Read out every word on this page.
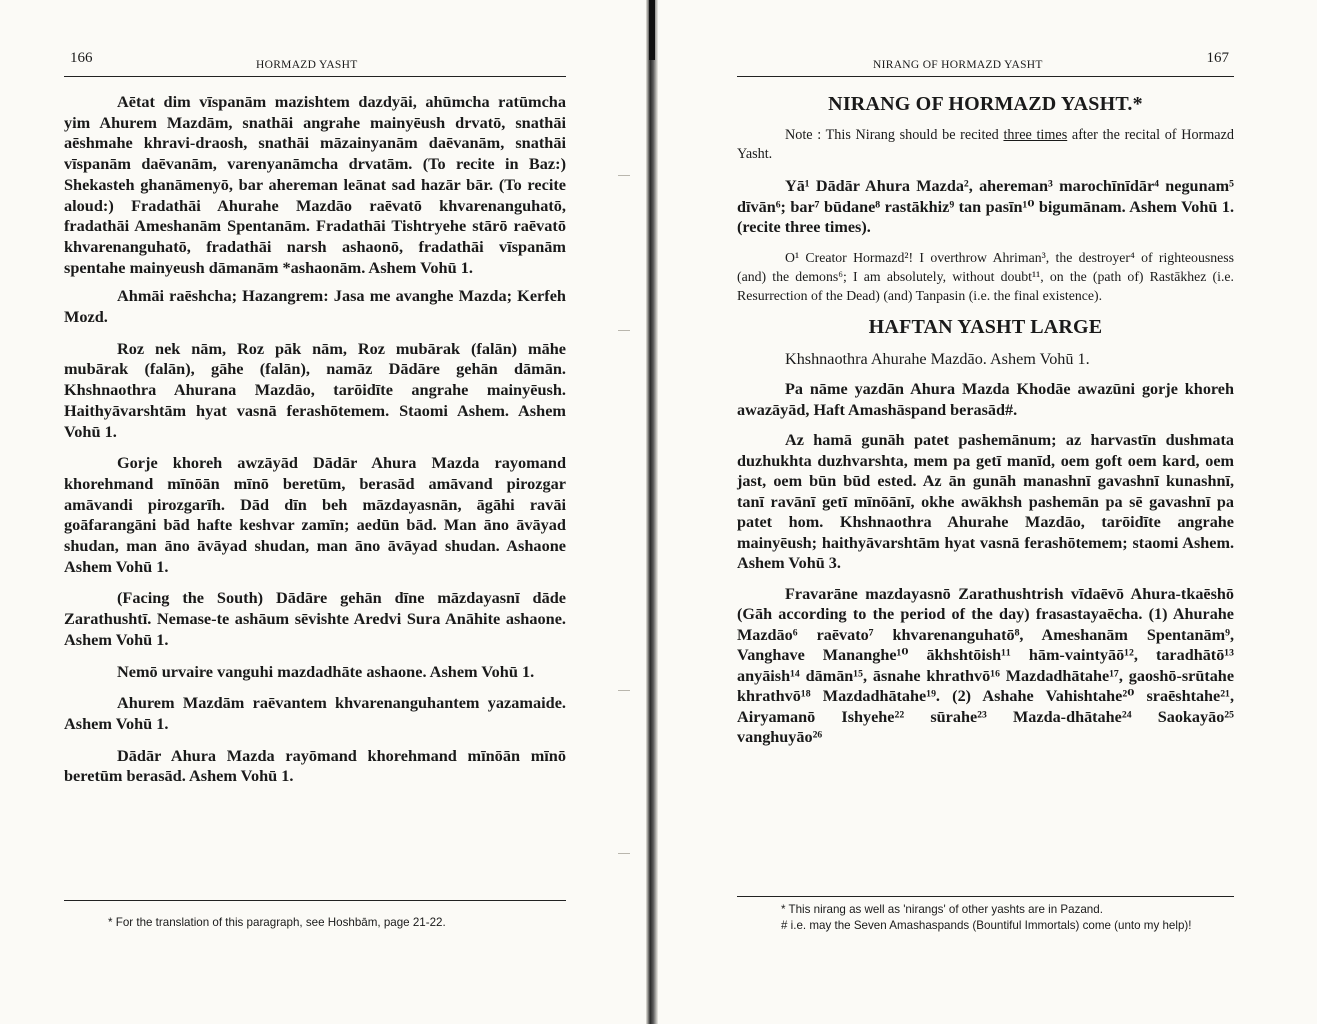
166	HORMAZD YASHT

Aētat dim vīspanām mazishtem dazdyāi, ahūmcha ratūmcha yim Ahurem Mazdām, snathāi angrahe mainyēush drvatō, snathāi aēshmahe khravi-draosh, snathāi māzainyanām daēvanām, snathāi vīspanām daēvanām, varenyanāmcha drvatām. (To recite in Baz:) Shekasteh ghanāmenyō, bar ahereman leānat sad hazār bār. (To recite aloud:) Fradathāi Ahurahe Mazdāo raēvatō khvarenanguhatō, fradathāi Ameshanām Spentanām. Fradathāi Tishtryehe stārō raēvatō khvarenanguhatō, fradathāi narsh ashaonō, fradathāi vīspanām spentahe mainyeush dāmanām *ashaonām. Ashem Vohū 1.

Ahmāi raēshcha; Hazangrem: Jasa me avanghe Mazda; Kerfeh Mozd.

Roz nek nām, Roz pāk nām, Roz mubārak (falān) māhe mubārak (falān), gāhe (falān), namāz Dādāre gehān dāmān. Khshnaothra Ahurana Mazdāo, tarōidīte angrahe mainyēush. Haithyāvarshtām hyat vasnā ferashōtemem. Staomi Ashem. Ashem Vohū 1.

Gorje khoreh awzāyād Dādār Ahura Mazda rayomand khorehmand mīnōān mīnō beretūm, berasād amāvand pirozgar amāvandi pirozgarīh. Dād dīn beh māzdayasnān, āgāhi ravāi goāfarangāni bād hafte keshvar zamīn; aedūn bād. Man āno āvāyad shudan, man āno āvāyad shudan, man āno āvāyad shudan. Ashaone Ashem Vohū 1.

(Facing the South) Dādāre gehān dīne māzdayasnī dāde Zarathushtī. Nemase-te ashāum sēvishte Aredvi Sura Anāhite ashaone. Ashem Vohū 1.

Nemō urvaire vanguhi mazdadhāte ashaone. Ashem Vohū 1.

Ahurem Mazdām raēvantem khvarenanguhantem yazamaide. Ashem Vohū 1.

Dādār Ahura Mazda rayōmand khorehmand mīnōān mīnō beretūm berasād. Ashem Vohū 1.

* For the translation of this paragraph, see Hoshbām, page 21-22.

167
NIRANG OF HORMAZD YASHT
NIRANG OF HORMAZD YASHT.*

Note : This Nirang should be recited three times after the recital of Hormazd Yasht.

Yā¹ Dādār Ahura Mazda², ahereman³ marochīnīdār⁴ negunam⁵ dīvān⁶; bar⁷ būdane⁸ rastākhiz⁹ tan pasīn¹⁰ bigumānam. Ashem Vohū 1. (recite three times).

O¹ Creator Hormazd²! I overthrow Ahriman³, the destroyer⁴ of righteousness (and) the demons⁶; I am absolutely, without doubt¹¹, on the (path of) Rastākhez (i.e. Resurrection of the Dead) (and) Tanpasin (i.e. the final existence).

HAFTAN YASHT LARGE

Khshnaothra Ahurahe Mazdāo. Ashem Vohū 1.

Pa nāme yazdān Ahura Mazda Khodāe awazūni gorje khoreh awazāyād, Haft Amashāspand berasād#.

Az hamā gunāh patet pashemānum; az harvastīn dushmata duzhukhta duzhvarshta, mem pa getī manīd, oem goft oem kard, oem jast, oem būn būd ested. Az ān gunāh manashnī gavashnī kunashnī, tanī ravānī getī mīnōānī, okhe awākhsh pashemān pa sē gavashnī pa patet hom. Khshnaothra Ahurahe Mazdāo, tarōidīte angrahe mainyēush; haithyāvarshtām hyat vasnā ferashōtemem; staomi Ashem. Ashem Vohū 3.

Fravarāne mazdayasnō Zarathushtrish vīdaēvō Ahura-tkaēshō (Gāh according to the period of the day) frasastayaēcha. (1) Ahurahe Mazdāo⁶ raēvato⁷ khvarenanguhatō⁸, Ameshanām Spentanām⁹, Vanghave Mananghe¹⁰ ākhshtōish¹¹ hām-vaintyāō¹², taradhātō¹³ anyāish¹⁴ dāmān¹⁵, āsnahe khrathvō¹⁶ Mazdadhātahe¹⁷, gaoshō-srūtahe khrathvō¹⁸ Mazdadhātahe¹⁹. (2) Ashahe Vahishtahe²⁰ sraēshtahe²¹, Airyamanō Ishyehe²² sūrahe²³ Mazda-dhātahe²⁴ Saokayāo²⁵ vanghuyāo²⁶

* This nirang as well as 'nirangs' of other yashts are in Pazand.

# i.e. may the Seven Amashaspands (Bountiful Immortals) come (unto my help)!
